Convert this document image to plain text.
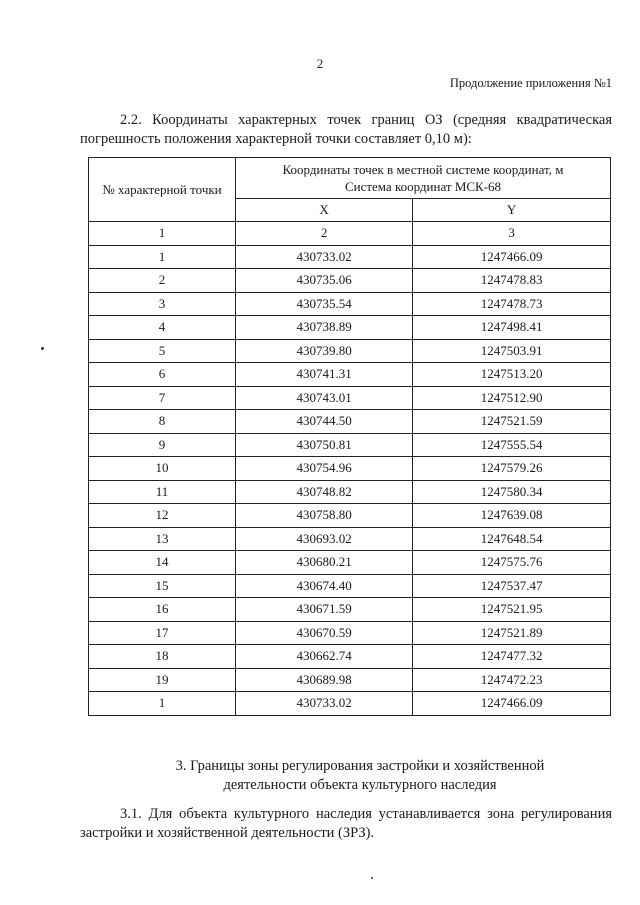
2
Продолжение приложения №1
2.2. Координаты характерных точек границ ОЗ (средняя квадратическая погрешность положения характерной точки составляет 0,10 м):
№ характерной точки	Координаты точек в местной системе координат, м
Система координат МСК-68	

	X	Y
1	2	3
1	430733.02	1247466.09
2	430735.06	1247478.83
3	430735.54	1247478.73
4	430738.89	1247498.41
5	430739.80	1247503.91
6	430741.31	1247513.20
7	430743.01	1247512.90
8	430744.50	1247521.59
9	430750.81	1247555.54
10	430754.96	1247579.26
11	430748.82	1247580.34
12	430758.80	1247639.08
13	430693.02	1247648.54
14	430680.21	1247575.76
15	430674.40	1247537.47
16	430671.59	1247521.95
17	430670.59	1247521.89
18	430662.74	1247477.32
19	430689.98	1247472.23
1	430733.02	1247466.09
3. Границы зоны регулирования застройки и хозяйственной
деятельности объекта культурного наследия
3.1. Для объекта культурного наследия устанавливается зона регулирования застройки и хозяйственной деятельности (ЗРЗ).
